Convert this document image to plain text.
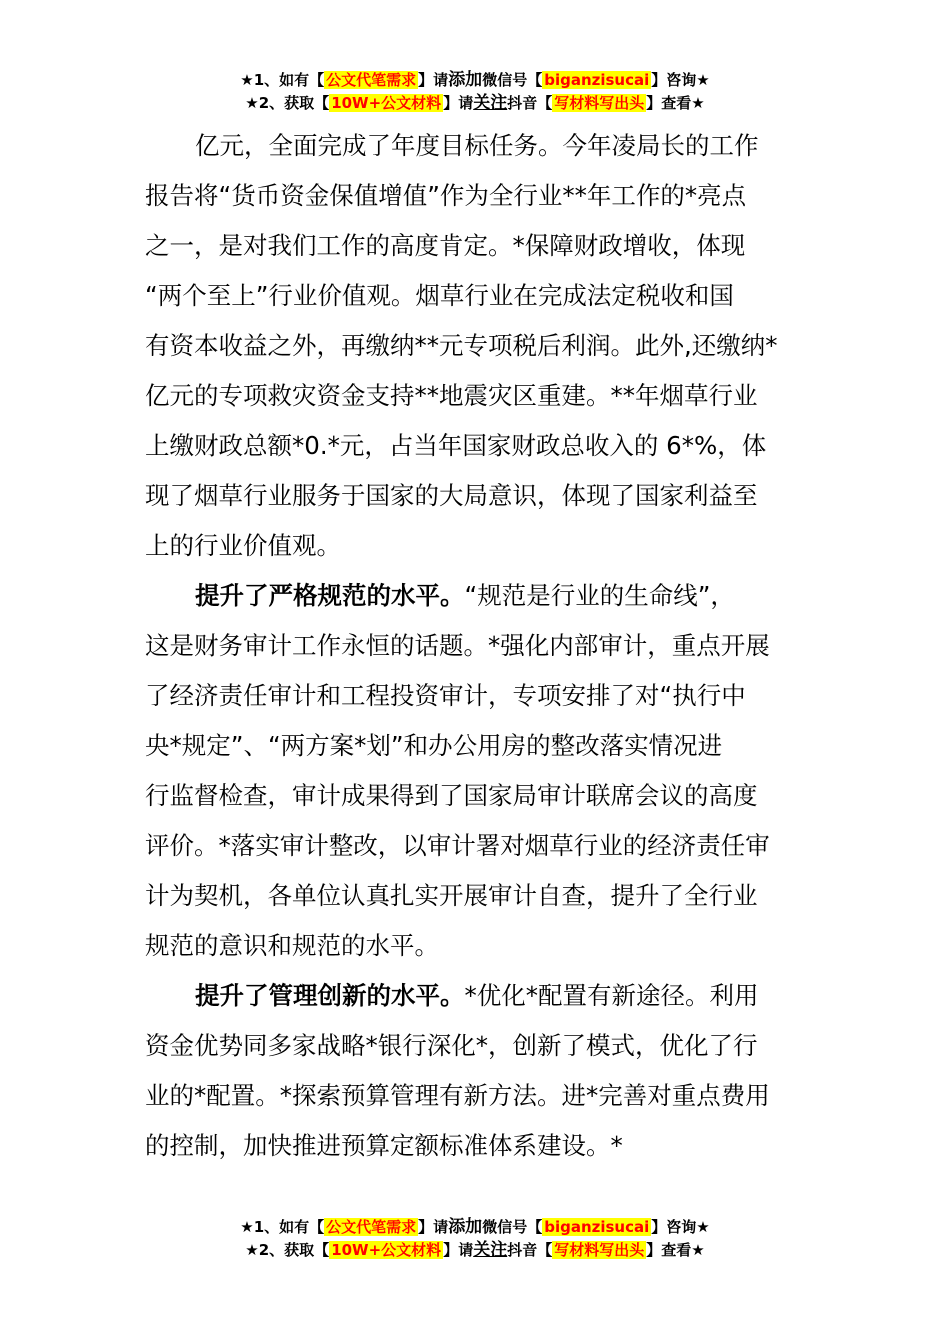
★1、如有【 公文代笔需求 】请添加微信号【 biganzisucai 】咨询★
★2、获取【 10W+公文材料 】请关注抖音【 写材料写出头 】查看★
亿元，全面完成了年度目标任务。今年凌局长的工作
报告将“货币资金保值增值”作为全行业**年工作的*亮点
之一，是对我们工作的高度肯定。*保障财政增收，体现
“两个至上”行业价值观。烟草行业在完成法定税收和国
有资本收益之外，再缴纳**元专项税后利润。此外,还缴纳*
亿元的专项救灾资金支持**地震灾区重建。**年烟草行业
上缴财政总额*0.*元，占当年国家财政总收入的 6*%，体
现了烟草行业服务于国家的大局意识，体现了国家利益至
上的行业价值观。
提升了严格规范的水平。“规范是行业的生命线”，
这是财务审计工作永恒的话题。*强化内部审计，重点开展
了经济责任审计和工程投资审计，专项安排了对“执行中
央*规定”、“两方案*划”和办公用房的整改落实情况进
行监督检查，审计成果得到了国家局审计联席会议的高度
评价。*落实审计整改，以审计署对烟草行业的经济责任审
计为契机，各单位认真扎实开展审计自查，提升了全行业
规范的意识和规范的水平。
提升了管理创新的水平。*优化*配置有新途径。利用
资金优势同多家战略*银行深化*，创新了模式，优化了行
业的*配置。*探索预算管理有新方法。进*完善对重点费用
的控制，加快推进预算定额标准体系建设。*
★1、如有【 公文代笔需求 】请添加微信号【 biganzisucai 】咨询★
★2、获取【 10W+公文材料 】请关注抖音【 写材料写出头 】查看★
